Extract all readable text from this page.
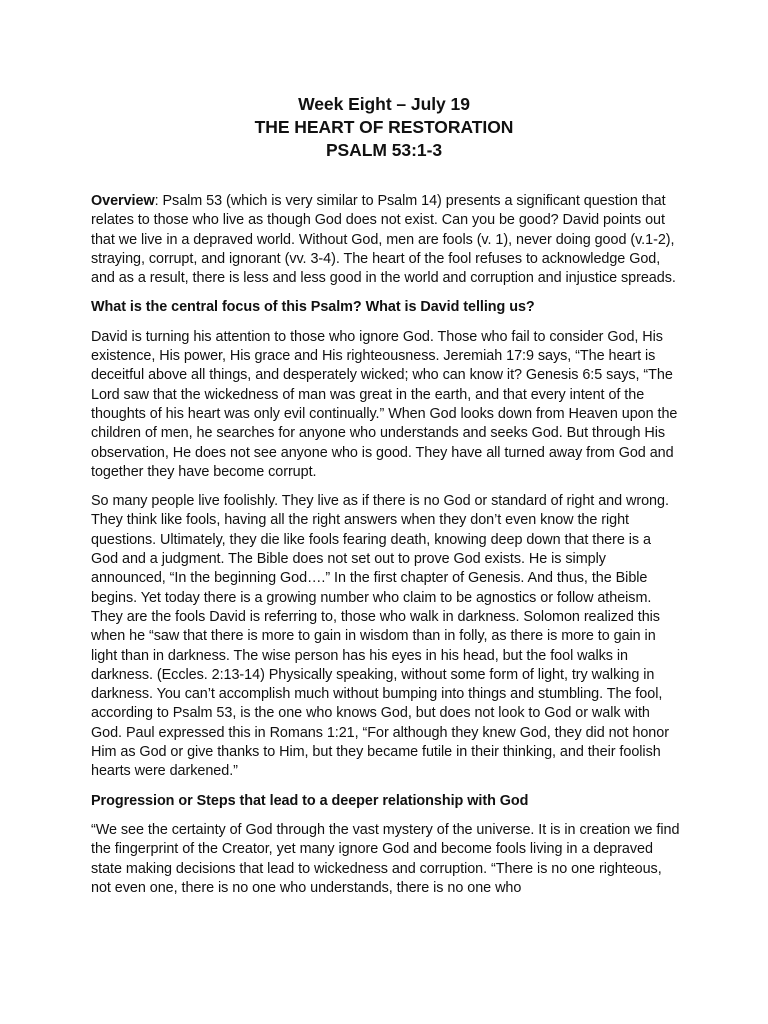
Week Eight – July 19

THE HEART OF RESTORATION

PSALM 53:1-3

Overview: Psalm 53 (which is very similar to Psalm 14) presents a significant question that relates to those who live as though God does not exist. Can you be good? David points out that we live in a depraved world. Without God, men are fools (v. 1), never doing good (v.1-2), straying, corrupt, and ignorant (vv. 3-4). The heart of the fool refuses to acknowledge God, and as a result, there is less and less good in the world and corruption and injustice spreads.

What is the central focus of this Psalm? What is David telling us?

David is turning his attention to those who ignore God. Those who fail to consider God, His existence, His power, His grace and His righteousness. Jeremiah 17:9 says, “The heart is deceitful above all things, and desperately wicked; who can know it? Genesis 6:5 says, “The Lord saw that the wickedness of man was great in the earth, and that every intent of the thoughts of his heart was only evil continually.” When God looks down from Heaven upon the children of men, he searches for anyone who understands and seeks God. But through His observation, He does not see anyone who is good. They have all turned away from God and together they have become corrupt.

So many people live foolishly. They live as if there is no God or standard of right and wrong. They think like fools, having all the right answers when they don’t even know the right questions. Ultimately, they die like fools fearing death, knowing deep down that there is a God and a judgment. The Bible does not set out to prove God exists. He is simply announced, “In the beginning God….” In the first chapter of Genesis. And thus, the Bible begins. Yet today there is a growing number who claim to be agnostics or follow atheism. They are the fools David is referring to, those who walk in darkness. Solomon realized this when he “saw that there is more to gain in wisdom than in folly, as there is more to gain in light than in darkness. The wise person has his eyes in his head, but the fool walks in darkness. (Eccles. 2:13-14) Physically speaking, without some form of light, try walking in darkness. You can’t accomplish much without bumping into things and stumbling. The fool, according to Psalm 53, is the one who knows God, but does not look to God or walk with God. Paul expressed this in Romans 1:21, “For although they knew God, they did not honor Him as God or give thanks to Him, but they became futile in their thinking, and their foolish hearts were darkened.”

Progression or Steps that lead to a deeper relationship with God

“We see the certainty of God through the vast mystery of the universe. It is in creation we find the fingerprint of the Creator, yet many ignore God and become fools living in a depraved state making decisions that lead to wickedness and corruption. “There is no one righteous, not even one, there is no one who understands, there is no one who
